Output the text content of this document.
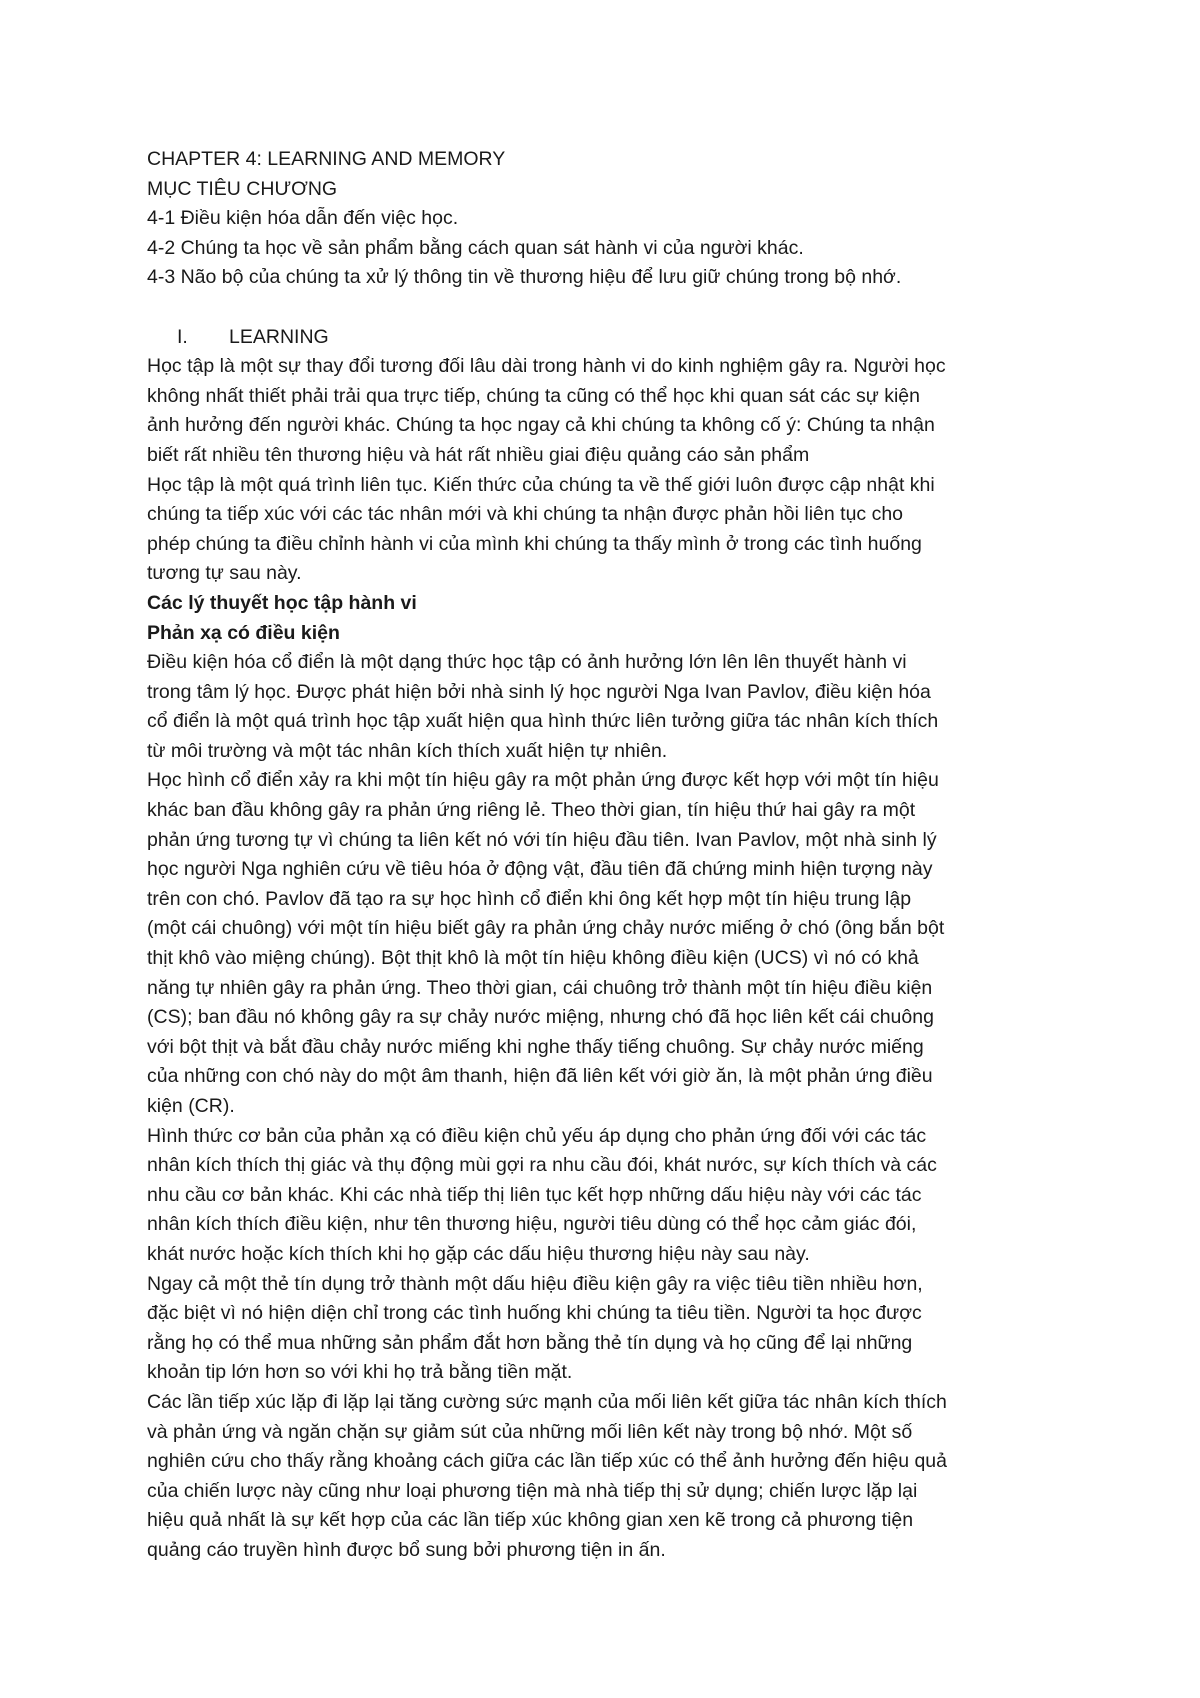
CHAPTER 4: LEARNING AND MEMORY
MỤC TIÊU CHƯƠNG
4-1 Điều kiện hóa dẫn đến việc học.
4-2 Chúng ta học về sản phẩm bằng cách quan sát hành vi của người khác.
4-3 Não bộ của chúng ta xử lý thông tin về thương hiệu để lưu giữ chúng trong bộ nhớ.
I. LEARNING
Học tập là một sự thay đổi tương đối lâu dài trong hành vi do kinh nghiệm gây ra. Người học
không nhất thiết phải trải qua trực tiếp, chúng ta cũng có thể học khi quan sát các sự kiện
ảnh hưởng đến người khác. Chúng ta học ngay cả khi chúng ta không cố ý: Chúng ta nhận
biết rất nhiều tên thương hiệu và hát rất nhiều giai điệu quảng cáo sản phẩm
Học tập là một quá trình liên tục. Kiến thức của chúng ta về thế giới luôn được cập nhật khi
chúng ta tiếp xúc với các tác nhân mới và khi chúng ta nhận được phản hồi liên tục cho
phép chúng ta điều chỉnh hành vi của mình khi chúng ta thấy mình ở trong các tình huống
tương tự sau này.
Các lý thuyết học tập hành vi
Phản xạ có điều kiện
Điều kiện hóa cổ điển là một dạng thức học tập có ảnh hưởng lớn lên lên thuyết hành vi
trong tâm lý học. Được phát hiện bởi nhà sinh lý học người Nga Ivan Pavlov, điều kiện hóa
cổ điển là một quá trình học tập xuất hiện qua hình thức liên tưởng giữa tác nhân kích thích
từ môi trường và một tác nhân kích thích xuất hiện tự nhiên.
Học hình cổ điển xảy ra khi một tín hiệu gây ra một phản ứng được kết hợp với một tín hiệu
khác ban đầu không gây ra phản ứng riêng lẻ. Theo thời gian, tín hiệu thứ hai gây ra một
phản ứng tương tự vì chúng ta liên kết nó với tín hiệu đầu tiên. Ivan Pavlov, một nhà sinh lý
học người Nga nghiên cứu về tiêu hóa ở động vật, đầu tiên đã chứng minh hiện tượng này
trên con chó. Pavlov đã tạo ra sự học hình cổ điển khi ông kết hợp một tín hiệu trung lập
(một cái chuông) với một tín hiệu biết gây ra phản ứng chảy nước miếng ở chó (ông bắn bột
thịt khô vào miệng chúng). Bột thịt khô là một tín hiệu không điều kiện (UCS) vì nó có khả
năng tự nhiên gây ra phản ứng. Theo thời gian, cái chuông trở thành một tín hiệu điều kiện
(CS); ban đầu nó không gây ra sự chảy nước miệng, nhưng chó đã học liên kết cái chuông
với bột thịt và bắt đầu chảy nước miếng khi nghe thấy tiếng chuông. Sự chảy nước miếng
của những con chó này do một âm thanh, hiện đã liên kết với giờ ăn, là một phản ứng điều
kiện (CR).
Hình thức cơ bản của phản xạ có điều kiện chủ yếu áp dụng cho phản ứng đối với các tác
nhân kích thích thị giác và thụ động mùi gợi ra nhu cầu đói, khát nước, sự kích thích và các
nhu cầu cơ bản khác. Khi các nhà tiếp thị liên tục kết hợp những dấu hiệu này với các tác
nhân kích thích điều kiện, như tên thương hiệu, người tiêu dùng có thể học cảm giác đói,
khát nước hoặc kích thích khi họ gặp các dấu hiệu thương hiệu này sau này.
Ngay cả một thẻ tín dụng trở thành một dấu hiệu điều kiện gây ra việc tiêu tiền nhiều hơn,
đặc biệt vì nó hiện diện chỉ trong các tình huống khi chúng ta tiêu tiền. Người ta học được
rằng họ có thể mua những sản phẩm đắt hơn bằng thẻ tín dụng và họ cũng để lại những
khoản tip lớn hơn so với khi họ trả bằng tiền mặt.
Các lần tiếp xúc lặp đi lặp lại tăng cường sức mạnh của mối liên kết giữa tác nhân kích thích
và phản ứng và ngăn chặn sự giảm sút của những mối liên kết này trong bộ nhớ. Một số
nghiên cứu cho thấy rằng khoảng cách giữa các lần tiếp xúc có thể ảnh hưởng đến hiệu quả
của chiến lược này cũng như loại phương tiện mà nhà tiếp thị sử dụng; chiến lược lặp lại
hiệu quả nhất là sự kết hợp của các lần tiếp xúc không gian xen kẽ trong cả phương tiện
quảng cáo truyền hình được bổ sung bởi phương tiện in ấn.
